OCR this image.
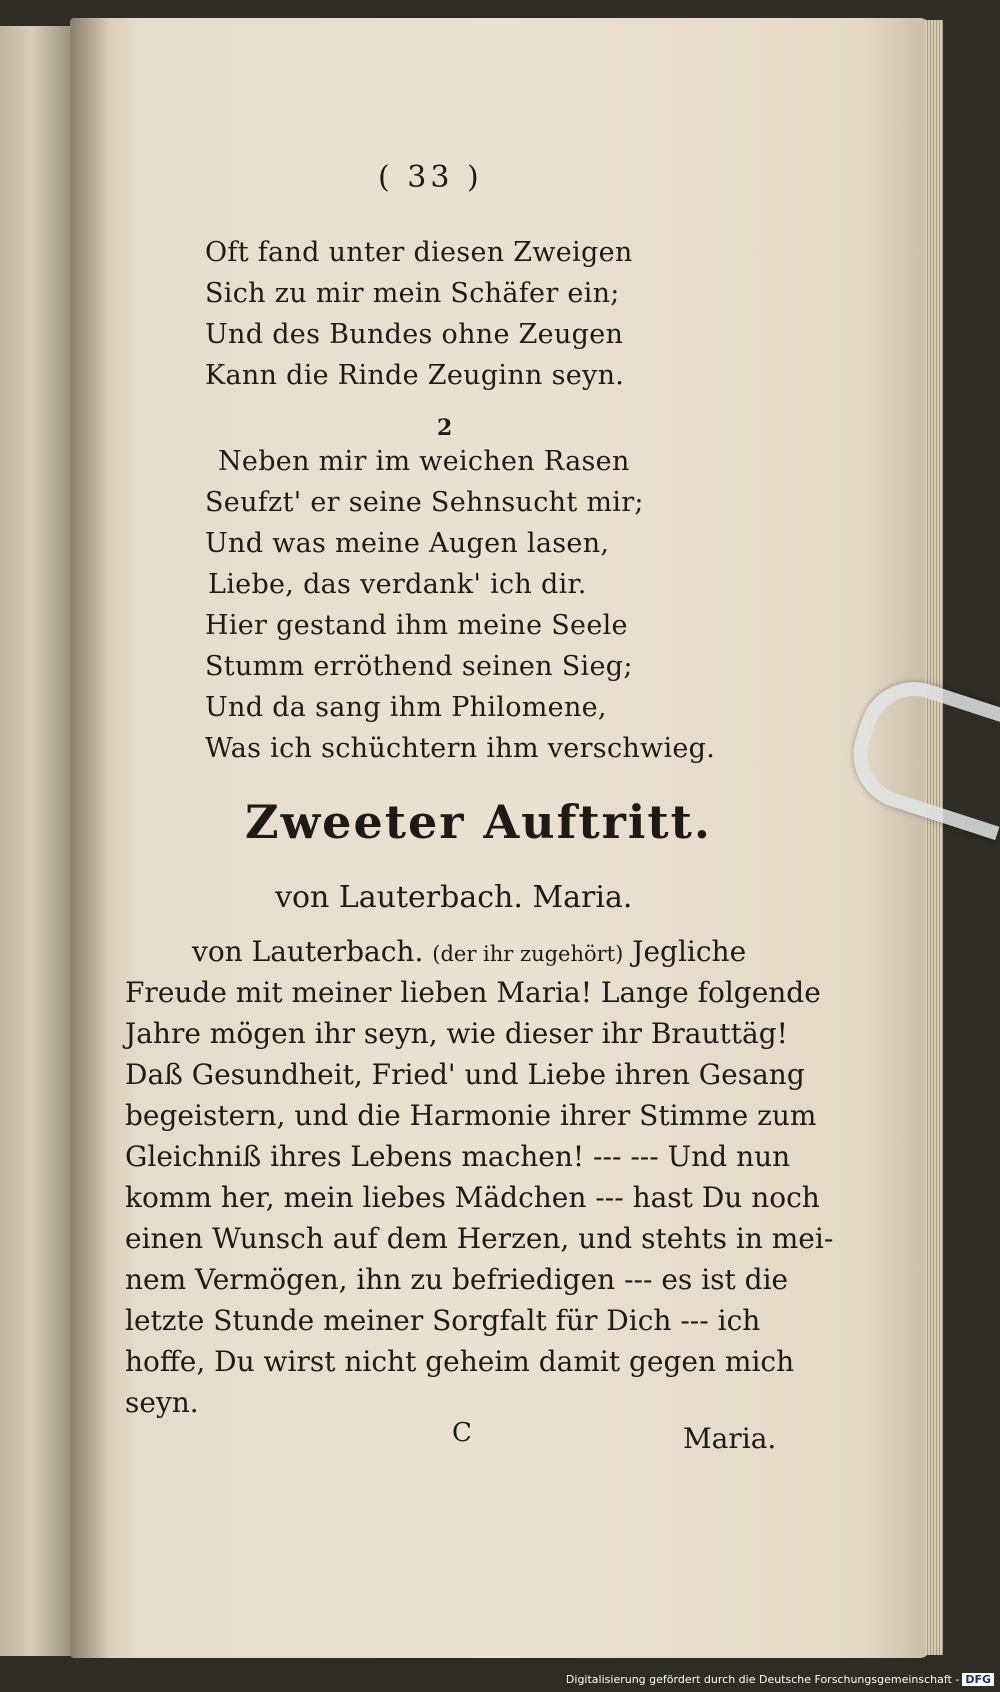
( 33 )
Oft fand unter diesen Zweigen
Sich zu mir mein Schäfer ein;
Und des Bundes ohne Zeugen
Kann die Rinde Zeuginn seyn.
2
Neben mir im weichen Rasen
Seufzt' er seine Sehnsucht mir;
Und was meine Augen lasen,
Liebe, das verdank' ich dir.
Hier gestand ihm meine Seele
Stumm erröthend seinen Sieg;
Und da sang ihm Philomene,
Was ich schüchtern ihm verschwieg.
Zweeter Auftritt.
von Lauterbach. Maria.
von Lauterbach. (der ihr zugehört) Jegliche
Freude mit meiner lieben Maria! Lange folgende
Jahre mögen ihr seyn, wie dieser ihr Brauttäg!
Daß Gesundheit, Fried' und Liebe ihren Gesang
begeistern, und die Harmonie ihrer Stimme zum
Gleichniß ihres Lebens machen! --- --- Und nun
komm her, mein liebes Mädchen --- hast Du noch
einen Wunsch auf dem Herzen, und stehts in mei-
nem Vermögen, ihn zu befriedigen --- es ist die
letzte Stunde meiner Sorgfalt für Dich --- ich
hoffe, Du wirst nicht geheim damit gegen mich
seyn.
C	Maria.
Digitalisierung gefördert durch die Deutsche Forschungsgemeinschaft - DFG
